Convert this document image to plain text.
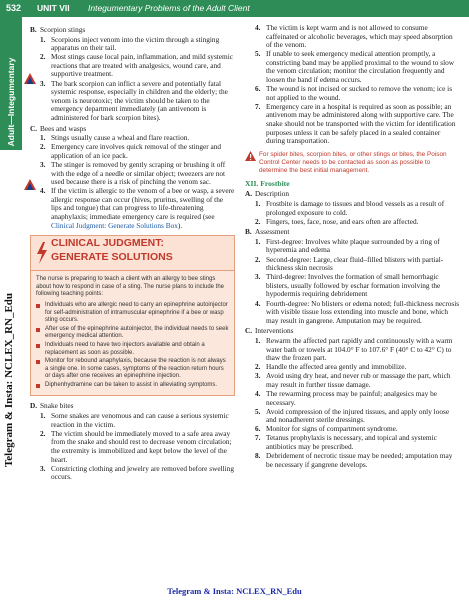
532 UNIT VII Integumentary Problems of the Adult Client
Adult—Integumentary
Telegram & Insta: NCLEX_RN_Edu
B. Scorpion stings
1. Scorpions inject venom into the victim through a stinging apparatus on their tail.
2. Most stings cause local pain, inflammation, and mild systemic reactions that are treated with analgesics, wound care, and supportive treatment.
3. The bark scorpion can inflict a severe and potentially fatal systemic response, especially in children and the elderly; the venom is neurotoxic; the victim should be taken to the emergency department immediately (an antivenom is administered for bark scorpion bites).
C. Bees and wasps
1. Stings usually cause a wheal and flare reaction.
2. Emergency care involves quick removal of the stinger and application of an ice pack.
3. The stinger is removed by gently scraping or brushing it off with the edge of a needle or similar object; tweezers are not used because there is a risk of pinching the venom sac.
4. If the victim is allergic to the venom of a bee or wasp, a severe allergic response can occur (hives, pruritus, swelling of the lips and tongue) that can progress to life-threatening anaphylaxis; immediate emergency care is required (see Clinical Judgment: Generate Solutions Box).
CLINICAL JUDGMENT:
GENERATE SOLUTIONS
The nurse is preparing to teach a client with an allergy to bee stings about how to respond in case of a sting. The nurse plans to include the following teaching points:
Individuals who are allergic need to carry an epinephrine autoinjector for self-administration of intramuscular epinephrine if a bee or wasp sting occurs.
After use of the epinephrine autoinjector, the individual needs to seek emergency medical attention.
Individuals need to have two injectors available and obtain a replacement as soon as possible.
Monitor for rebound anaphylaxis, because the reaction is not always a single one. In some cases, symptoms of the reaction return hours or days after one receives an epinephrine injection.
Diphenhydramine can be taken to assist in alleviating symptoms.
D. Snake bites
1. Some snakes are venomous and can cause a serious systemic reaction in the victim.
2. The victim should be immediately moved to a safe area away from the snake and should rest to decrease venom circulation; the extremity is immobilized and kept below the level of the heart.
3. Constricting clothing and jewelry are removed before swelling occurs.
4. The victim is kept warm and is not allowed to consume caffeinated or alcoholic beverages, which may speed absorption of the venom.
5. If unable to seek emergency medical attention promptly, a constricting band may be applied proximal to the wound to slow the venom circulation; monitor the circulation frequently and loosen the band if edema occurs.
6. The wound is not incised or sucked to remove the venom; ice is not applied to the wound.
7. Emergency care in a hospital is required as soon as possible; an antivenom may be administered along with supportive care. The snake should not be transported with the victim for identification purposes unless it can be safely placed in a sealed container during transportation.
For spider bites, scorpion bites, or other stings or bites, the Poison Control Center needs to be contacted as soon as possible to determine the best initial management.
XII. Frostbite
A. Description
1. Frostbite is damage to tissues and blood vessels as a result of prolonged exposure to cold.
2. Fingers, toes, face, nose, and ears often are affected.
B. Assessment
1. First-degree: Involves white plaque surrounded by a ring of hyperemia and edema
2. Second-degree: Large, clear fluid–filled blisters with partial-thickness skin necrosis
3. Third-degree: Involves the formation of small hemorrhagic blisters, usually followed by eschar formation involving the hypodermis requiring debridement
4. Fourth-degree: No blisters or edema noted; full-thickness necrosis with visible tissue loss extending into muscle and bone, which may result in gangrene. Amputation may be required.
C. Interventions
1. Rewarm the affected part rapidly and continuously with a warm water bath or towels at 104.0° F to 107.6° F (40° C to 42° C) to thaw the frozen part.
2. Handle the affected area gently and immobilize.
3. Avoid using dry heat, and never rub or massage the part, which may result in further tissue damage.
4. The rewarming process may be painful; analgesics may be necessary.
5. Avoid compression of the injured tissues, and apply only loose and nonadherent sterile dressings.
6. Monitor for signs of compartment syndrome.
7. Tetanus prophylaxis is necessary, and topical and systemic antibiotics may be prescribed.
8. Debridement of necrotic tissue may be needed; amputation may be necessary if gangrene develops.
Telegram & Insta: NCLEX_RN_Edu
